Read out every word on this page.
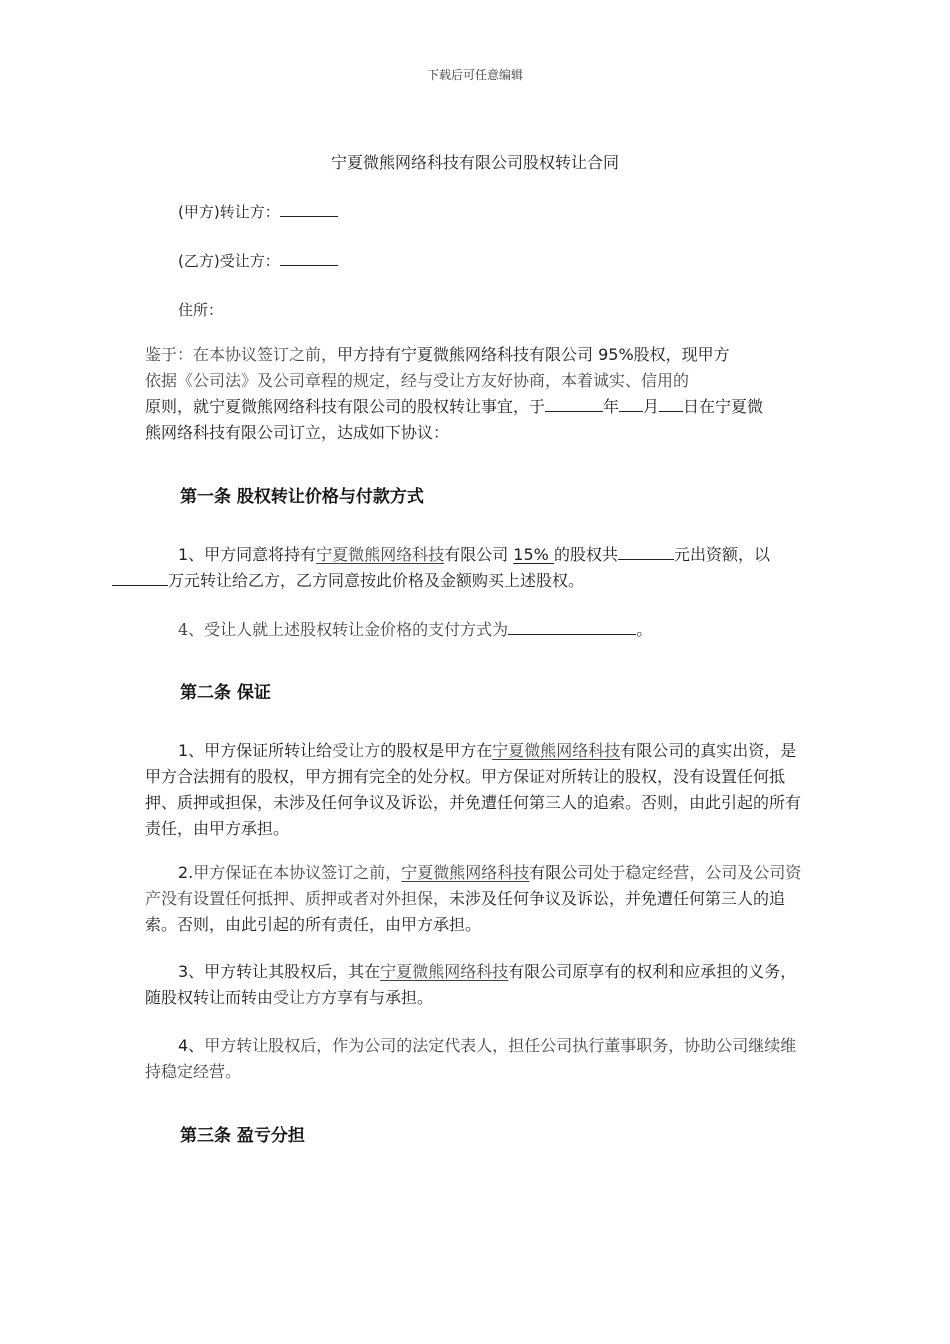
下载后可任意编辑
宁夏微熊网络科技有限公司股权转让合同
(甲方)转让方：
(乙方)受让方：
住所：
鉴于：在本协议签订之前，甲方持有宁夏微熊网络科技有限公司 95%股权，现甲方
依据《公司法》及公司章程的规定，经与受让方友好协商，本着诚实、信用的
原则，就宁夏微熊网络科技有限公司的股权转让事宜，于	年 月 日在宁夏微
熊网络科技有限公司订立，达成如下协议：
第一条 股权转让价格与付款方式
1、甲方同意将持有宁夏微熊网络科技有限公司 15% 的股权共	元出资额，以
万元转让给乙方，乙方同意按此价格及金额购买上述股权。
4、受让人就上述股权转让金价格的支付方式为	。
第二条 保证
1、甲方保证所转让给受让方的股权是甲方在宁夏微熊网络科技有限公司的真实出资，是甲方合法拥有的股权，甲方拥有完全的处分权。甲方保证对所转让的股权，没有设置任何抵押、质押或担保，未涉及任何争议及诉讼，并免遭任何第三人的追索。否则，由此引起的所有责任，由甲方承担。
2.甲方保证在本协议签订之前，宁夏微熊网络科技有限公司处于稳定经营，公司及公司资产没有设置任何抵押、质押或者对外担保，未涉及任何争议及诉讼，并免遭任何第三人的追索。否则，由此引起的所有责任，由甲方承担。
3、甲方转让其股权后，其在宁夏微熊网络科技有限公司原享有的权利和应承担的义务，随股权转让而转由受让方方享有与承担。
4、甲方转让股权后，作为公司的法定代表人，担任公司执行董事职务，协助公司继续维持稳定经营。
第三条 盈亏分担
